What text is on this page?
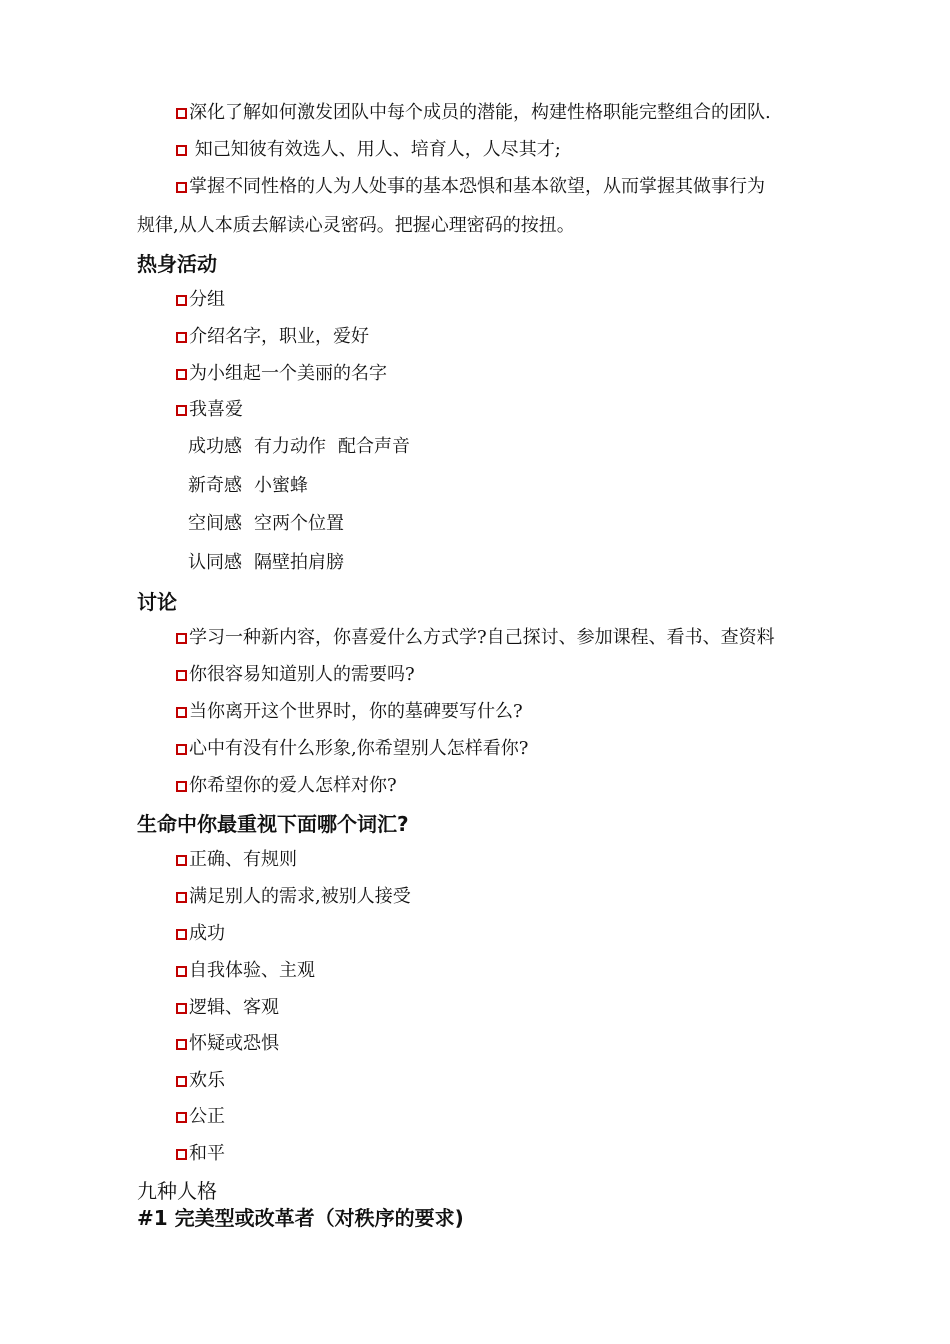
深化了解如何激发团队中每个成员的潜能，构建性格职能完整组合的团队.
知己知彼有效选人、用人、培育人，人尽其才;
掌握不同性格的人为人处事的基本恐惧和基本欲望，从而掌握其做事行为
规律,从人本质去解读心灵密码。把握心理密码的按扭。
热身活动
分组
介绍名字，职业，爱好
为小组起一个美丽的名字
我喜爱
成功感 有力动作 配合声音
新奇感 小蜜蜂
空间感 空两个位置
认同感 隔壁拍肩膀
讨论
学习一种新内容，你喜爱什么方式学?自己探讨、参加课程、看书、查资料
你很容易知道别人的需要吗?
当你离开这个世界时，你的墓碑要写什么?
心中有没有什么形象,你希望别人怎样看你?
你希望你的爱人怎样对你?
生命中你最重视下面哪个词汇?
正确、有规则
满足别人的需求,被别人接受
成功
自我体验、主观
逻辑、客观
怀疑或恐惧
欢乐
公正
和平
九种人格
#1 完美型或改革者（对秩序的要求)
